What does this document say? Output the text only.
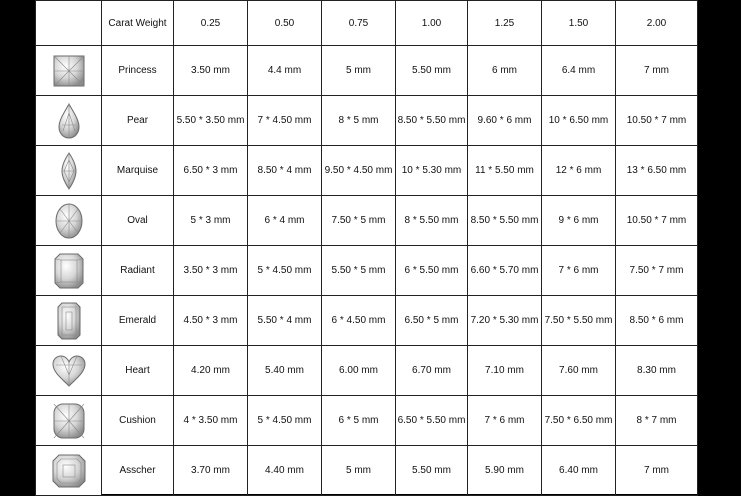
	Carat Weight	0.25	0.50	0.75	1.00	1.25	1.50	2.00

	Princess	3.50 mm	4.4 mm	5 mm	5.50 mm	6 mm	6.4 mm	7 mm

	Pear	5.50 * 3.50 mm	7 * 4.50 mm	8 * 5 mm	8.50 * 5.50 mm	9.60 * 6 mm	10 * 6.50 mm	10.50 * 7 mm

	Marquise	6.50 * 3 mm	8.50 * 4 mm	9.50 * 4.50 mm	10 * 5.30 mm	11 * 5.50 mm	12 * 6 mm	13 * 6.50 mm

	Oval	5 * 3 mm	6 * 4 mm	7.50 * 5 mm	8 * 5.50 mm	8.50 * 5.50 mm	9 * 6 mm	10.50 * 7 mm

	Radiant	3.50 * 3 mm	5 * 4.50 mm	5.50 * 5 mm	6 * 5.50 mm	6.60 * 5.70 mm	7 * 6 mm	7.50 * 7 mm

	Emerald	4.50 * 3 mm	5.50 * 4 mm	6 * 4.50 mm	6.50 * 5 mm	7.20 * 5.30 mm	7.50 * 5.50 mm	8.50 * 6 mm

	Heart	4.20 mm	5.40 mm	6.00 mm	6.70 mm	7.10 mm	7.60 mm	8.30 mm

	Cushion	4 * 3.50 mm	5 * 4.50 mm	6 * 5 mm	6.50 * 5.50 mm	7 * 6 mm	7.50 * 6.50 mm	8 * 7 mm

	Asscher	3.70 mm	4.40 mm	5 mm	5.50 mm	5.90 mm	6.40 mm	7 mm
